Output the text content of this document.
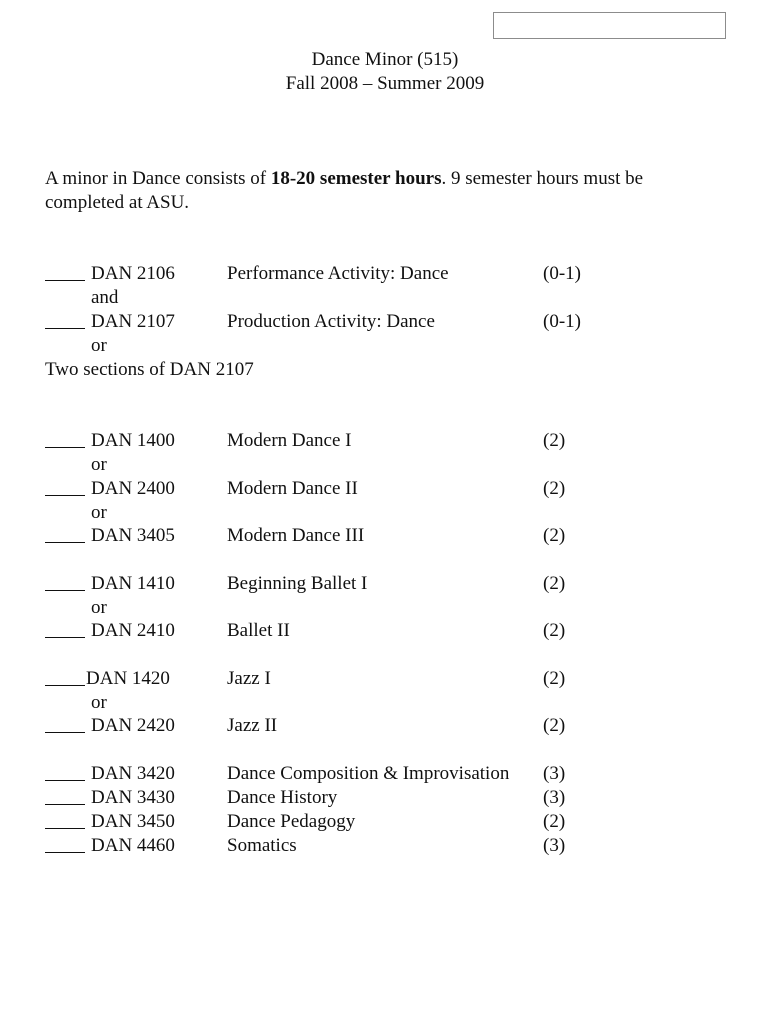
Dance Minor (515)
Fall 2008 – Summer 2009
A minor in Dance consists of 18-20 semester hours. 9 semester hours must be completed at ASU.
DAN 2106	Performance Activity: Dance	(0-1)
and
DAN 2107	Production Activity: Dance	(0-1)
or
Two sections of DAN 2107
DAN 1400	Modern Dance I	(2)
or
DAN 2400	Modern Dance II	(2)
or
DAN 3405	Modern Dance III	(2)
DAN 1410	Beginning Ballet I	(2)
or
DAN 2410	Ballet II	(2)
DAN 1420	Jazz I	(2)
or
DAN 2420	Jazz II	(2)
DAN 3420	Dance Composition & Improvisation (3)
DAN 3430	Dance History	(3)
DAN 3450	Dance Pedagogy	(2)
DAN 4460	Somatics	(3)
